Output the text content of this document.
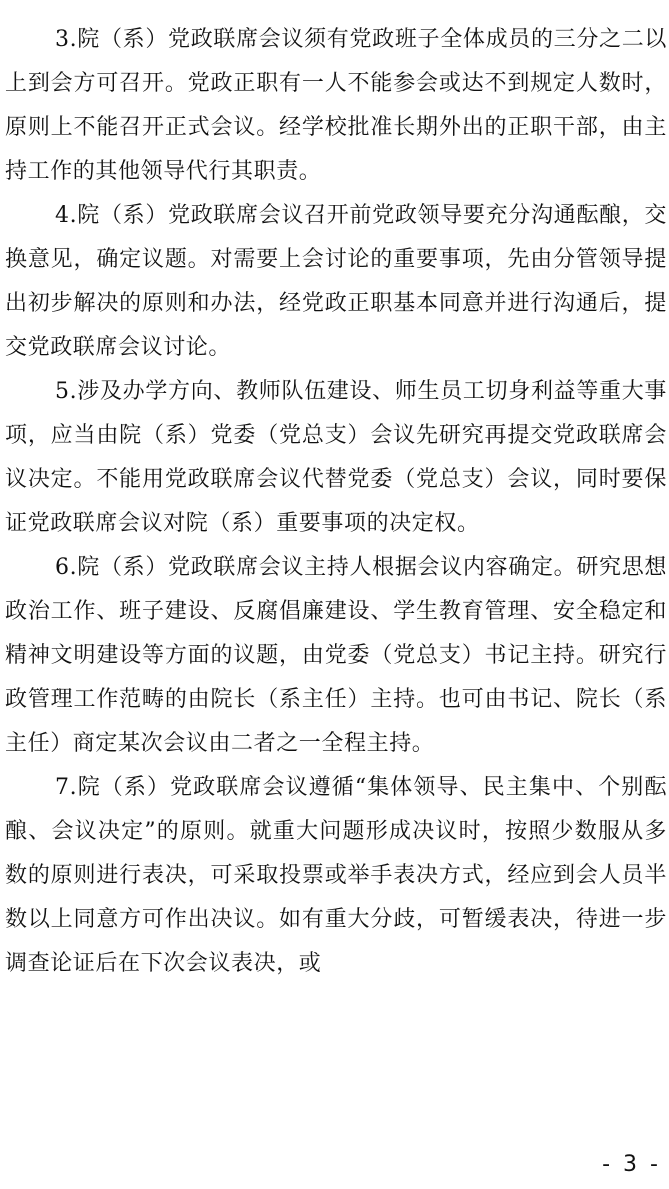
3.院（系）党政联席会议须有党政班子全体成员的三分之二以上到会方可召开。党政正职有一人不能参会或达不到规定人数时，原则上不能召开正式会议。经学校批准长期外出的正职干部，由主持工作的其他领导代行其职责。

4.院（系）党政联席会议召开前党政领导要充分沟通酝酿，交换意见，确定议题。对需要上会讨论的重要事项，先由分管领导提出初步解决的原则和办法，经党政正职基本同意并进行沟通后，提交党政联席会议讨论。

5.涉及办学方向、教师队伍建设、师生员工切身利益等重大事项，应当由院（系）党委（党总支）会议先研究再提交党政联席会议决定。不能用党政联席会议代替党委（党总支）会议，同时要保证党政联席会议对院（系）重要事项的决定权。

6.院（系）党政联席会议主持人根据会议内容确定。研究思想政治工作、班子建设、反腐倡廉建设、学生教育管理、安全稳定和精神文明建设等方面的议题，由党委（党总支）书记主持。研究行政管理工作范畴的由院长（系主任）主持。也可由书记、院长（系主任）商定某次会议由二者之一全程主持。

7.院（系）党政联席会议遵循“集体领导、民主集中、个别酝酿、会议决定”的原则。就重大问题形成决议时，按照少数服从多数的原则进行表决，可采取投票或举手表决方式，经应到会人员半数以上同意方可作出决议。如有重大分歧，可暂缓表决，待进一步调查论证后在下次会议表决，或

- 3 -
